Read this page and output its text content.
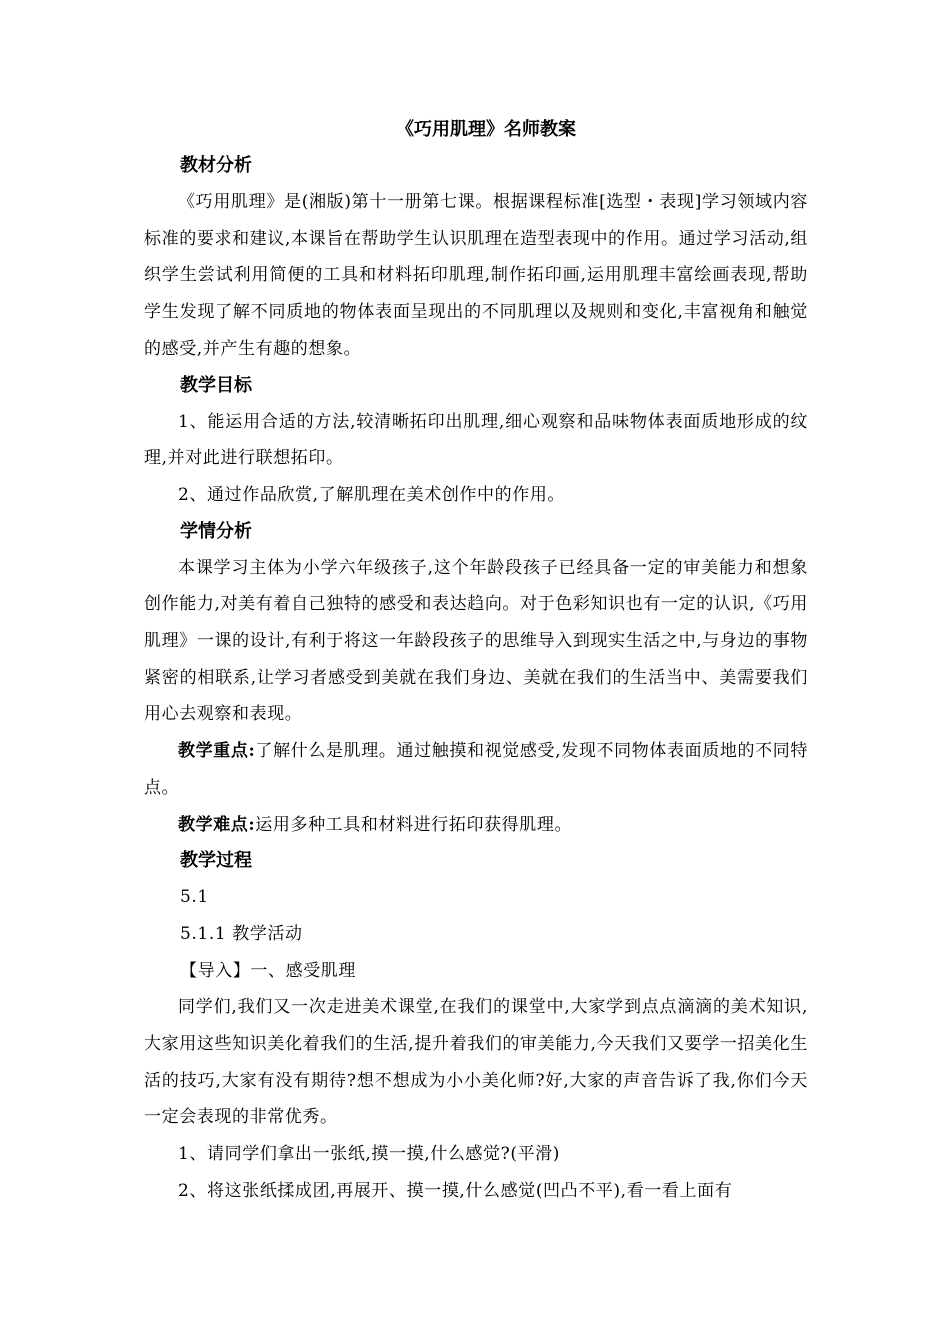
《巧用肌理》名师教案

教材分析

《巧用肌理》是(湘版)第十一册第七课。根据课程标准[选型・表现]学习领域内容标准的要求和建议,本课旨在帮助学生认识肌理在造型表现中的作用。通过学习活动,组织学生尝试利用简便的工具和材料拓印肌理,制作拓印画,运用肌理丰富绘画表现,帮助学生发现了解不同质地的物体表面呈现出的不同肌理以及规则和变化,丰富视角和触觉的感受,并产生有趣的想象。

教学目标

1、能运用合适的方法,较清晰拓印出肌理,细心观察和品味物体表面质地形成的纹理,并对此进行联想拓印。

2、通过作品欣赏,了解肌理在美术创作中的作用。

学情分析

本课学习主体为小学六年级孩子,这个年龄段孩子已经具备一定的审美能力和想象创作能力,对美有着自己独特的感受和表达趋向。对于色彩知识也有一定的认识,《巧用肌理》一课的设计,有利于将这一年龄段孩子的思维导入到现实生活之中,与身边的事物紧密的相联系,让学习者感受到美就在我们身边、美就在我们的生活当中、美需要我们用心去观察和表现。

教学重点:了解什么是肌理。通过触摸和视觉感受,发现不同物体表面质地的不同特点。

教学难点:运用多种工具和材料进行拓印获得肌理。

教学过程

5.1

5.1.1 教学活动

【导入】一、感受肌理

同学们,我们又一次走进美术课堂,在我们的课堂中,大家学到点点滴滴的美术知识,大家用这些知识美化着我们的生活,提升着我们的审美能力,今天我们又要学一招美化生活的技巧,大家有没有期待?想不想成为小小美化师?好,大家的声音告诉了我,你们今天一定会表现的非常优秀。

1、请同学们拿出一张纸,摸一摸,什么感觉?(平滑)

2、将这张纸揉成团,再展开、摸一摸,什么感觉(凹凸不平),看一看上面有
